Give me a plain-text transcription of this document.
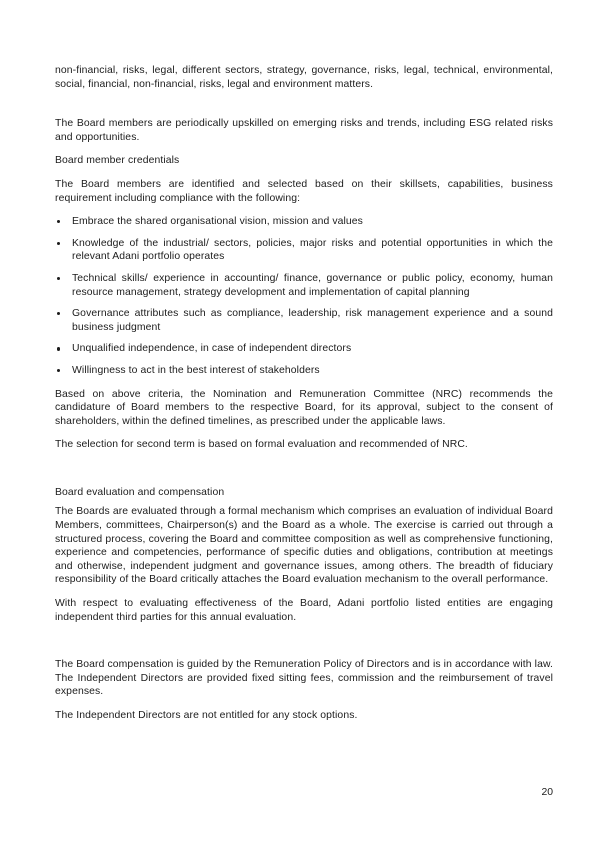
non-financial, risks, legal, different sectors, strategy, governance, risks, legal, technical, environmental, social, financial, non-financial, risks, legal and environment matters.

The Board members are periodically upskilled on emerging risks and trends, including ESG related risks and opportunities.

Board member credentials

The Board members are identified and selected based on their skillsets, capabilities, business requirement including compliance with the following:

Embrace the shared organisational vision, mission and values
Knowledge of the industrial/ sectors, policies, major risks and potential opportunities in which the relevant Adani portfolio operates
Technical skills/ experience in accounting/ finance, governance or public policy, economy, human resource management, strategy development and implementation of capital planning
Governance attributes such as compliance, leadership, risk management experience and a sound business judgment
Unqualified independence, in case of independent directors
Willingness to act in the best interest of stakeholders

Based on above criteria, the Nomination and Remuneration Committee (NRC) recommends the candidature of Board members to the respective Board, for its approval, subject to the consent of shareholders, within the defined timelines, as prescribed under the applicable laws.

The selection for second term is based on formal evaluation and recommended of NRC.

Board evaluation and compensation

The Boards are evaluated through a formal mechanism which comprises an evaluation of individual Board Members, committees, Chairperson(s) and the Board as a whole. The exercise is carried out through a structured process, covering the Board and committee composition as well as comprehensive functioning, experience and competencies, performance of specific duties and obligations, contribution at meetings and otherwise, independent judgment and governance issues, among others. The breadth of fiduciary responsibility of the Board critically attaches the Board evaluation mechanism to the overall performance.

With respect to evaluating effectiveness of the Board, Adani portfolio listed entities are engaging independent third parties for this annual evaluation.

The Board compensation is guided by the Remuneration Policy of Directors and is in accordance with law. The Independent Directors are provided fixed sitting fees, commission and the reimbursement of travel expenses.

The Independent Directors are not entitled for any stock options.

20
